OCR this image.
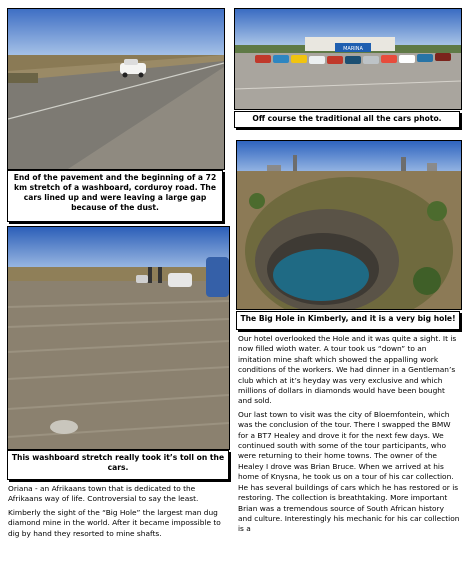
MARINA
Off course the traditional all the cars photo.
End of the pavement and the beginning of a 72 km stretch of a washboard, corduroy road. The cars lined up and were leaving a large gap because of the dust.
The Big Hole in Kimberly, and it is a very big hole!
This washboard stretch really took it’s toll on the cars.

Oriana - an Afrikaans town that is dedicated to the Afrikaans way of life. Controversial to say the least.

Kimberly the sight of the “Big Hole” the largest man dug diamond mine in the world. After it became impossible to dig by hand they resorted to mine shafts.

Our hotel overlooked the Hole and it was quite a sight. It is now filled wioth water. A tour took us “down” to an imitation mine shaft which showed the appalling work conditions of the workers. We had dinner in a Gentleman’s club which at it’s heyday was very exclusive and which millions of dollars in diamonds would have been bought and sold.

Our last town to visit was the city of Bloemfontein, which was the conclusion of the tour. There I swapped the BMW for a BT7 Healey and drove it for the next few days. We continued south with some of the tour participants, who were returning to their home towns. The owner of the Healey I drove was Brian Bruce. When we arrived at his home of Knysna, he took us on a tour of his car collection. He has several buildings of cars which he has restored or is restoring. The collection is breathtaking. More important Brian was a tremendous source of South African history and culture. Interestingly his mechanic for his car collection is a
